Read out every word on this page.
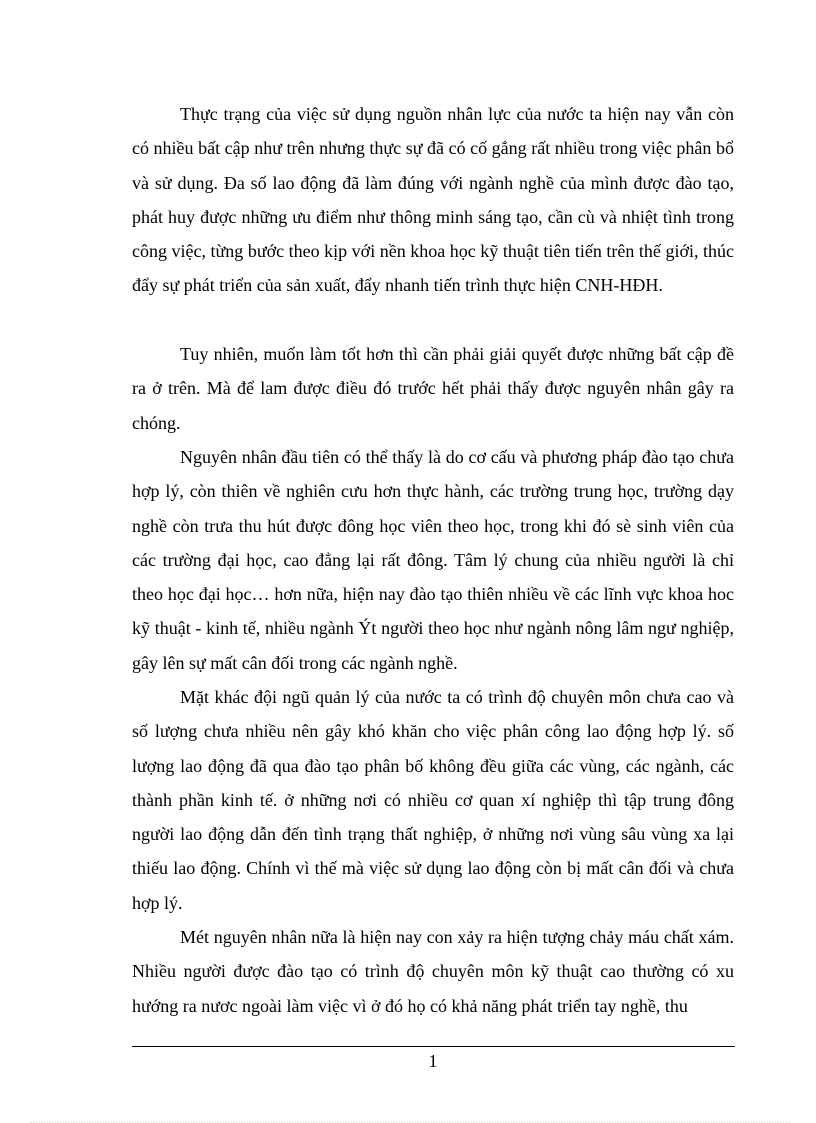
Thực trạng của việc sử dụng nguồn nhân lực của nước ta hiện nay vẫn còn có nhiều bất cập như trên nhưng thực sự đã có cố gắng rất nhiều trong việc phân bổ và sử dụng. Đa số lao động đã làm đúng với ngành nghề của mình được đào tạo, phát huy được những ưu điểm như thông minh sáng tạo, cần cù và nhiệt tình trong công việc, từng bước theo kịp với nền khoa học kỹ thuật tiên tiến trên thế giới, thúc đẩy sự phát triển của sản xuất, đẩy nhanh tiến trình thực hiện CNH-HĐH.

Tuy nhiên, muốn làm tốt hơn thì cần phải giải quyết được những bất cập đề ra ở trên. Mà để lam được điều đó trước hết phải thấy được nguyên nhân gây ra chóng.

Nguyên nhân đầu tiên có thể thấy là do cơ cấu và phương pháp đào tạo chưa hợp lý, còn thiên về nghiên cưu hơn thực hành, các trường trung học, trường dạy nghề còn trưa thu hút được đông học viên theo học, trong khi đó sè sinh viên của các trường đại học, cao đẳng lại rất đông. Tâm lý chung của nhiều người là chỉ theo học đại học… hơn nữa, hiện nay đào tạo thiên nhiều về các lĩnh vực khoa hoc kỹ thuật - kinh tế, nhiều ngành Ýt người theo học như ngành nông lâm ngư nghiệp, gây lên sự mất cân đối trong các ngành nghề.

Mặt khác đội ngũ quản lý của nước ta có trình độ chuyên môn chưa cao và số lượng chưa nhiều nên gây khó khăn cho việc phân công lao động hợp lý. số lượng lao động đã qua đào tạo phân bố không đều giữa các vùng, các ngành, các thành phần kinh tế. ở những nơi có nhiều cơ quan xí nghiệp thì tập trung đông người lao động dẫn đến tình trạng thất nghiệp, ở những nơi vùng sâu vùng xa lại thiếu lao động. Chính vì thế mà việc sử dụng lao động còn bị mất cân đối và chưa hợp lý.

Mét nguyên nhân nữa là hiện nay con xảy ra hiện tượng chảy máu chất xám. Nhiều người được đào tạo có trình độ chuyên môn kỹ thuật cao thường có xu hướng ra nươc ngoài làm việc vì ở đó họ có khả năng phát triển tay nghề, thu

1
